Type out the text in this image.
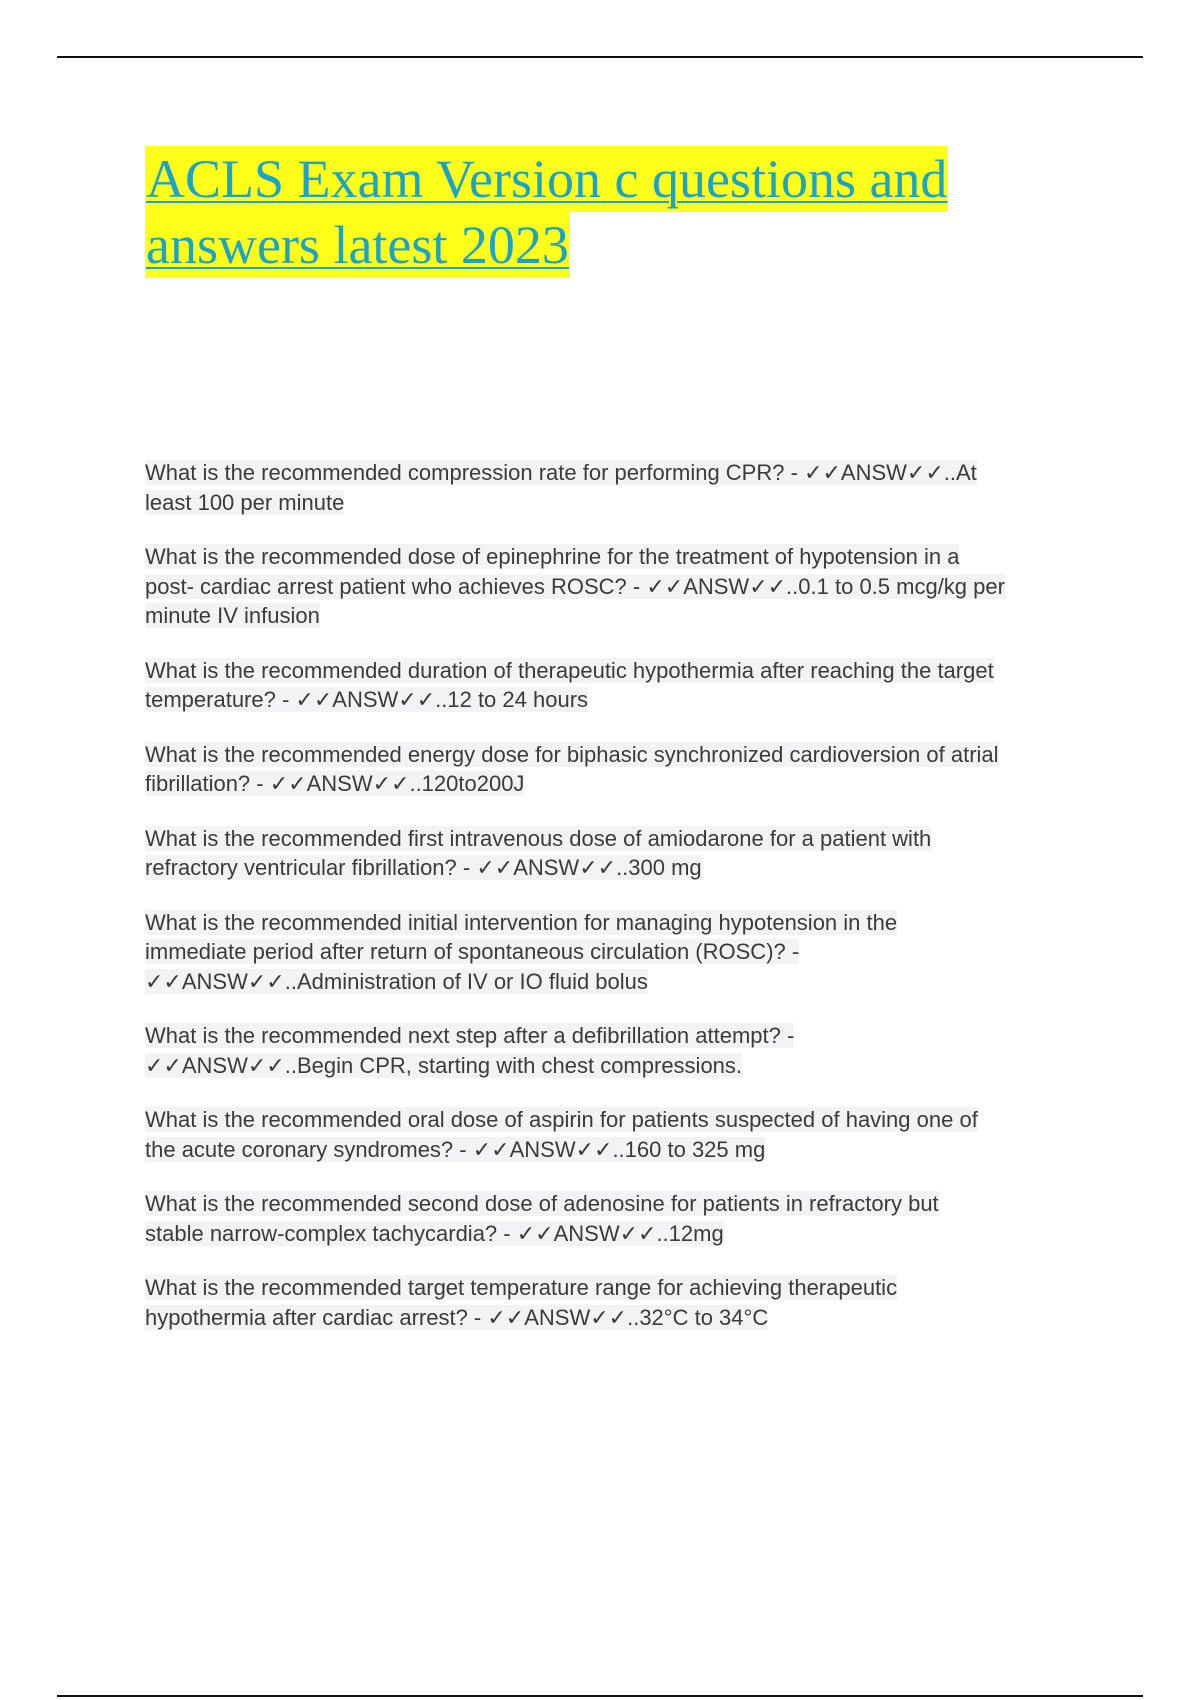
ACLS Exam Version c questions and
answers latest 2023
What is the recommended compression rate for performing CPR? - ✓✓ANSW✓✓..At
least 100 per minute
What is the recommended dose of epinephrine for the treatment of hypotension in a
post- cardiac arrest patient who achieves ROSC? - ✓✓ANSW✓✓..0.1 to 0.5 mcg/kg per
minute IV infusion
What is the recommended duration of therapeutic hypothermia after reaching the target
temperature? - ✓✓ANSW✓✓..12 to 24 hours
What is the recommended energy dose for biphasic synchronized cardioversion of atrial
fibrillation? - ✓✓ANSW✓✓..120to200J
What is the recommended first intravenous dose of amiodarone for a patient with
refractory ventricular fibrillation? - ✓✓ANSW✓✓..300 mg
What is the recommended initial intervention for managing hypotension in the
immediate period after return of spontaneous circulation (ROSC)? -
✓✓ANSW✓✓..Administration of IV or IO fluid bolus
What is the recommended next step after a defibrillation attempt? -
✓✓ANSW✓✓..Begin CPR, starting with chest compressions.
What is the recommended oral dose of aspirin for patients suspected of having one of
the acute coronary syndromes? - ✓✓ANSW✓✓..160 to 325 mg
What is the recommended second dose of adenosine for patients in refractory but
stable narrow-complex tachycardia? - ✓✓ANSW✓✓..12mg
What is the recommended target temperature range for achieving therapeutic
hypothermia after cardiac arrest? - ✓✓ANSW✓✓..32°C to 34°C
